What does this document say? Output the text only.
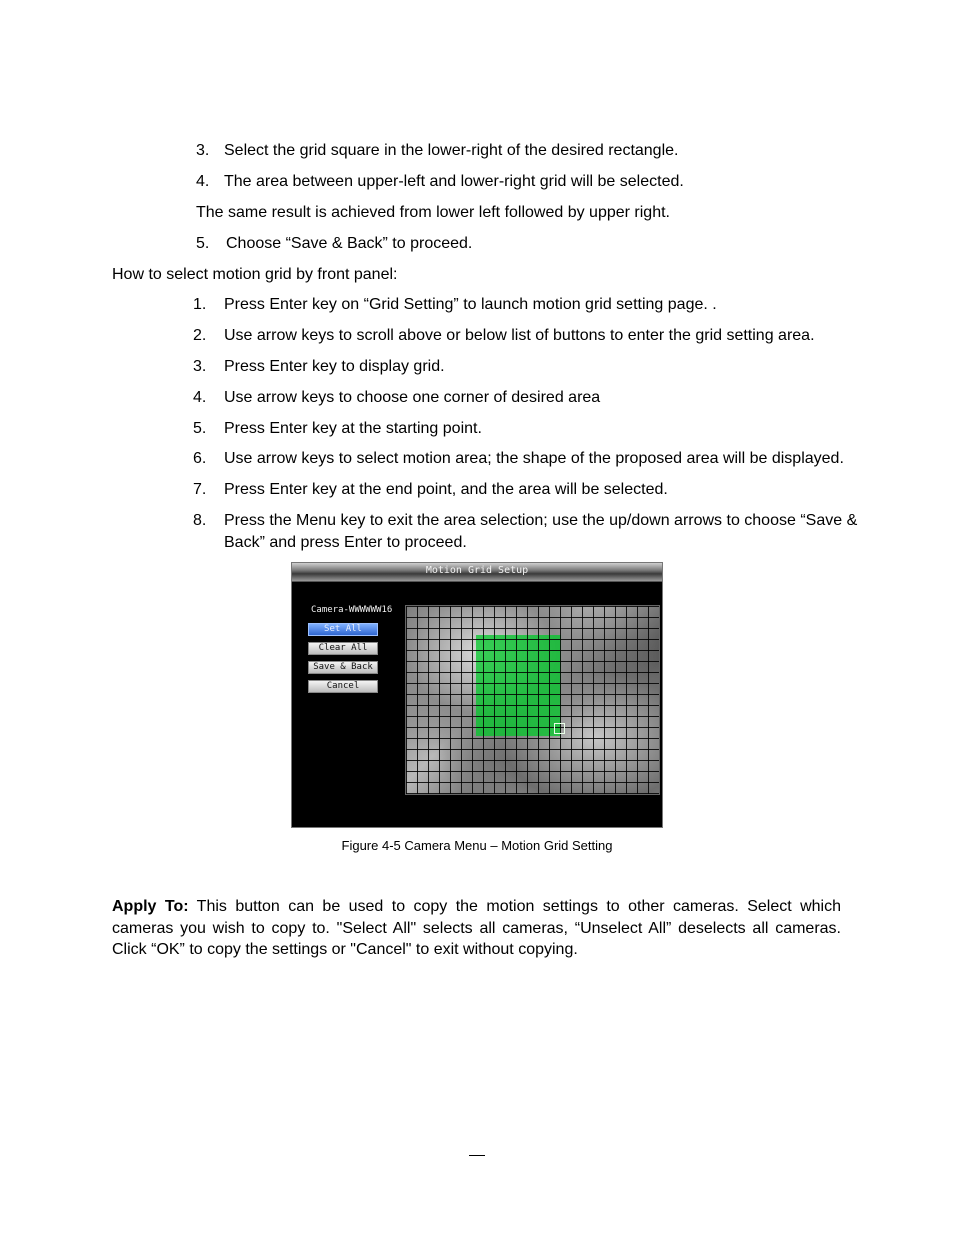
3. Select the grid square in the lower-right of the desired rectangle.
4. The area between upper-left and lower-right grid will be selected.
The same result is achieved from lower left followed by upper right.
5.	Choose “Save & Back” to proceed.
How to select motion grid by front panel:
1.	Press Enter key on “Grid Setting” to launch motion grid setting page. .
2.	Use arrow keys to scroll above or below list of buttons to enter the grid setting area.
3.	Press Enter key to display grid.
4.	Use arrow keys to choose one corner of desired area
5.	Press Enter key at the starting point.
6.	Use arrow keys to select motion area; the shape of the proposed area will be displayed.
7.	Press Enter key at the end point, and the area will be selected.
8.	Press the Menu key to exit the area selection; use the up/down arrows to choose “Save &
Back” and press Enter to proceed.
Motion Grid Setup
Camera-WWWWWW16
Set All
Clear All
Save & Back
Cancel
Figure 4-5 Camera Menu – Motion Grid Setting
Apply To: This button can be used to copy the motion settings to other cameras. Select which cameras you wish to copy to. "Select All" selects all cameras, “Unselect All” deselects all cameras. Click “OK” to copy the settings or "Cancel" to exit without copying.
